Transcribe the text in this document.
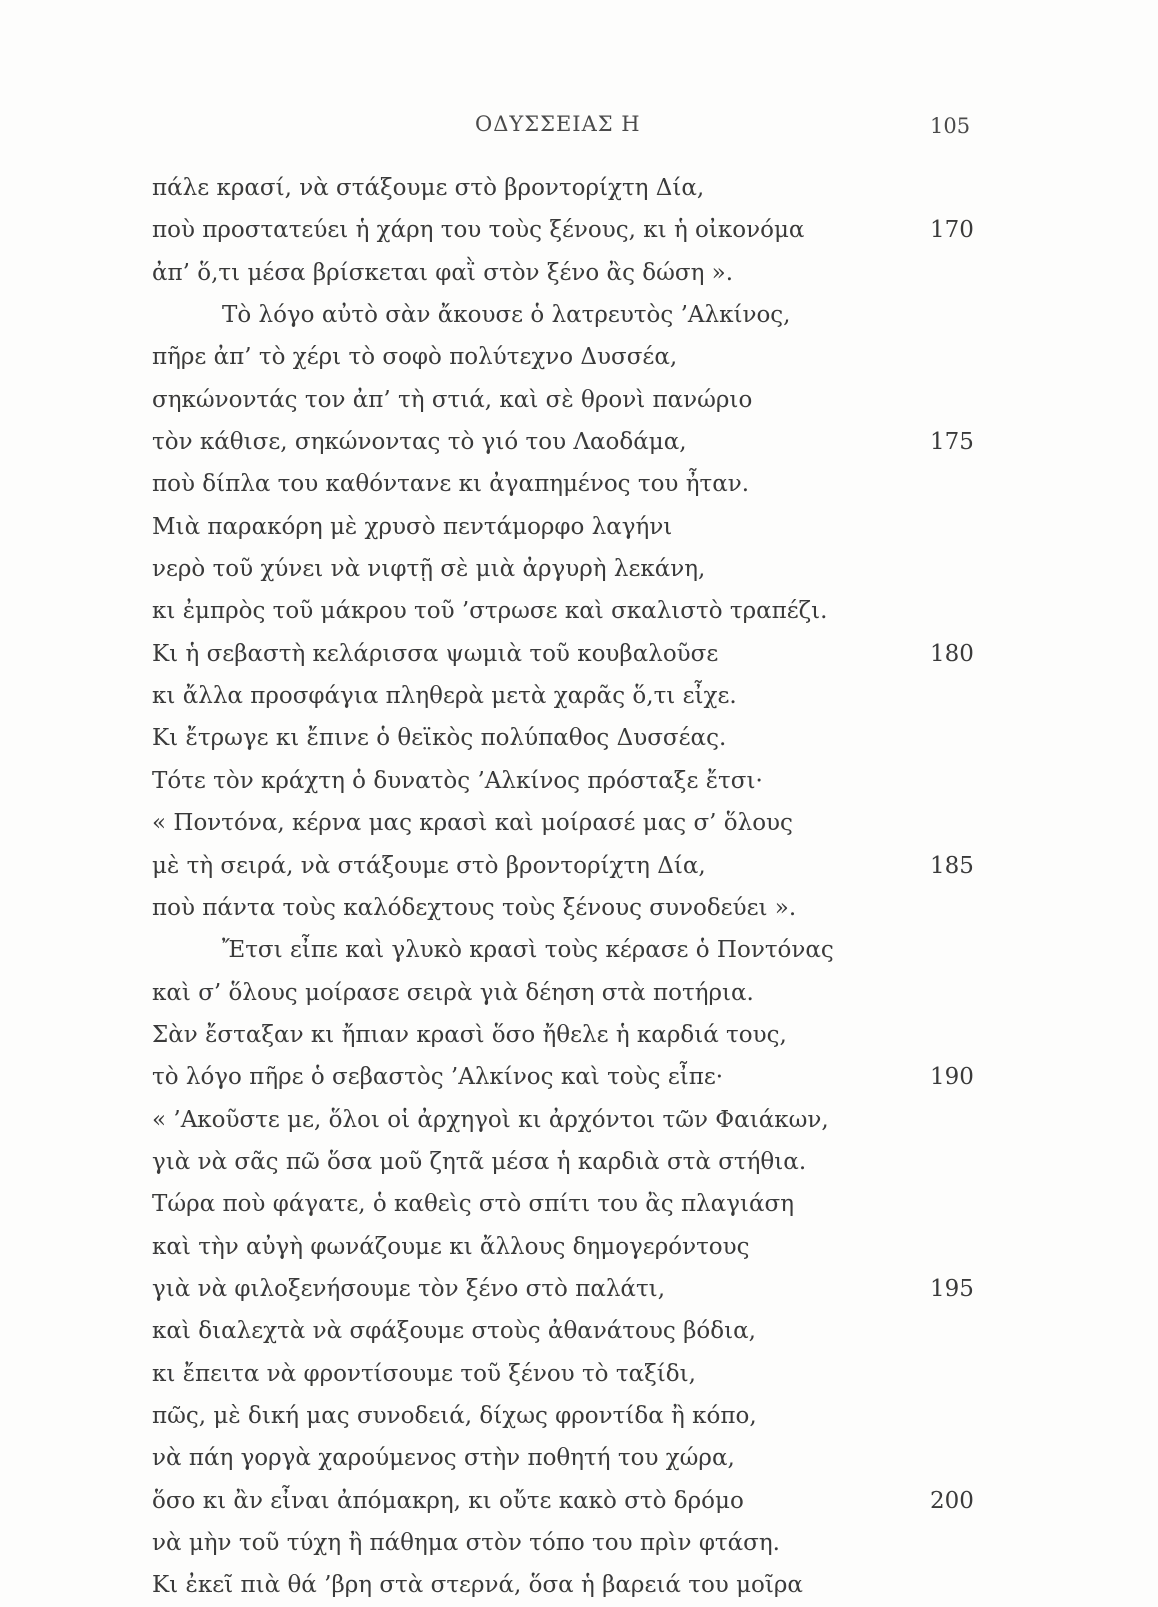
ΟΔΥΣΣΕΙΑΣ Η	105
πάλε κρασί, νὰ στάξουμε στὸ βροντορίχτη Δία,
ποὺ προστατεύει ἡ χάρη του τοὺς ξένους, κι ἡ οἰκονόμα	170
ἀπ’ ὅ,τι μέσα βρίσκεται φαῒ στὸν ξένο ἂς δώση ».
Τὸ λόγο αὐτὸ σὰν ἄκουσε ὁ λατρευτὸς ’Αλκίνος,
πῆρε ἀπ’ τὸ χέρι τὸ σοφὸ πολύτεχνο Δυσσέα,
σηκώνοντάς τον ἀπ’ τὴ στιά, καὶ σὲ θρονὶ πανώριο
τὸν κάθισε, σηκώνοντας τὸ γιό του Λαοδάμα,	175
ποὺ δίπλα του καθόντανε κι ἀγαπημένος του ἦταν.
Μιὰ παρακόρη μὲ χρυσὸ πεντάμορφο λαγήνι
νερὸ τοῦ χύνει νὰ νιφτῇ σὲ μιὰ ἀργυρὴ λεκάνη,
κι ἐμπρὸς τοῦ μάκρου τοῦ ’στρωσε καὶ σκαλιστὸ τραπέζι.
Κι ἡ σεβαστὴ κελάρισσα ψωμιὰ τοῦ κουβαλοῦσε	180
κι ἄλλα προσφάγια πληθερὰ μετὰ χαρᾶς ὅ,τι εἶχε.
Κι ἔτρωγε κι ἔπινε ὁ θεϊκὸς πολύπαθος Δυσσέας.
Τότε τὸν κράχτη ὁ δυνατὸς ’Αλκίνος πρόσταξε ἔτσι·
« Ποντόνα, κέρνα μας κρασὶ καὶ μοίρασέ μας σ’ ὅλους
μὲ τὴ σειρά, νὰ στάξουμε στὸ βροντορίχτη Δία,	185
ποὺ πάντα τοὺς καλόδεχτους τοὺς ξένους συνοδεύει ».
Ἔτσι εἶπε καὶ γλυκὸ κρασὶ τοὺς κέρασε ὁ Ποντόνας
καὶ σ’ ὅλους μοίρασε σειρὰ γιὰ δέηση στὰ ποτήρια.
Σὰν ἔσταξαν κι ἤπιαν κρασὶ ὅσο ἤθελε ἡ καρδιά τους,
τὸ λόγο πῆρε ὁ σεβαστὸς ’Αλκίνος καὶ τοὺς εἶπε·	190
« ’Ακοῦστε με, ὅλοι οἱ ἀρχηγοὶ κι ἀρχόντοι τῶν Φαιάκων,
γιὰ νὰ σᾶς πῶ ὅσα μοῦ ζητᾶ μέσα ἡ καρδιὰ στὰ στήθια.
Τώρα ποὺ φάγατε, ὁ καθεὶς στὸ σπίτι του ἂς πλαγιάση
καὶ τὴν αὐγὴ φωνάζουμε κι ἄλλους δημογερόντους
γιὰ νὰ φιλοξενήσουμε τὸν ξένο στὸ παλάτι,	195
καὶ διαλεχτὰ νὰ σφάξουμε στοὺς ἀθανάτους βόδια,
κι ἔπειτα νὰ φροντίσουμε τοῦ ξένου τὸ ταξίδι,
πῶς, μὲ δική μας συνοδειά, δίχως φροντίδα ἢ κόπο,
νὰ πάη γοργὰ χαρούμενος στὴν ποθητή του χώρα,
ὅσο κι ἂν εἶναι ἀπόμακρη, κι οὔτε κακὸ στὸ δρόμο	200
νὰ μὴν τοῦ τύχη ἢ πάθημα στὸν τόπο του πρὶν φτάση.
Κι ἐκεῖ πιὰ θά ’βρη στὰ στερνά, ὅσα ἡ βαρειά του μοῖρα
